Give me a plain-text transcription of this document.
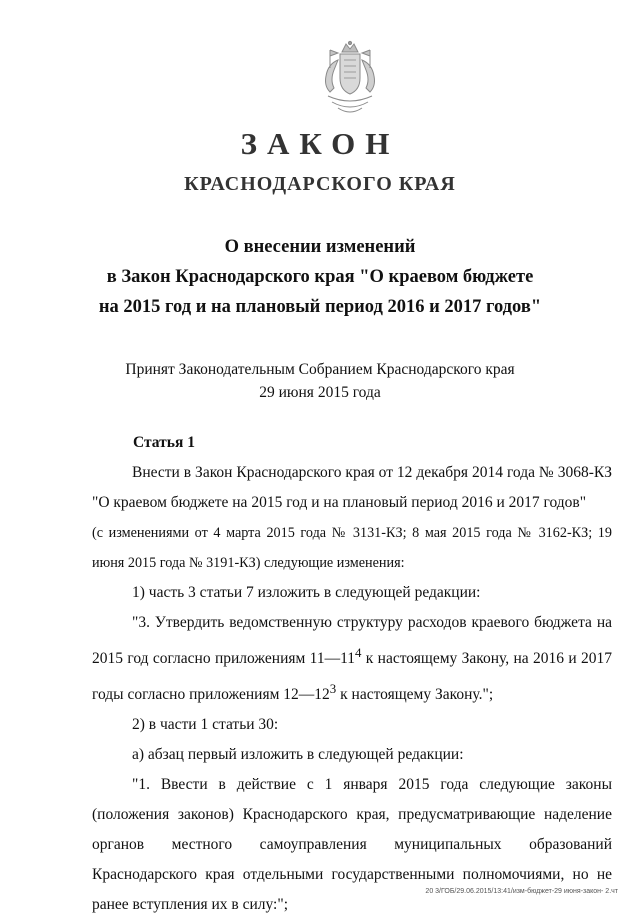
ЗАКОН
КРАСНОДАРСКОГО КРАЯ
О внесении изменений
в Закон Краснодарского края "О краевом бюджете
на 2015 год и на плановый период 2016 и 2017 годов"
Принят Законодательным Собранием Краснодарского края
29 июня 2015 года
Статья 1

Внести в Закон Краснодарского края от 12 декабря 2014 года № 3068-КЗ "О краевом бюджете на 2015 год и на плановый период 2016 и 2017 годов"

(с изменениями от 4 марта 2015 года № 3131-КЗ; 8 мая 2015 года № 3162-КЗ; 19 июня 2015 года № 3191-КЗ) следующие изменения:

1) часть 3 статьи 7 изложить в следующей редакции:

"3. Утвердить ведомственную структуру расходов краевого бюджета на 2015 год согласно приложениям $11—11^4$ к настоящему Закону, на 2016 и 2017 годы согласно приложениям $12—12^3$ к настоящему Закону.";

2) в части 1 статьи 30:

а) абзац первый изложить в следующей редакции:

"1. Ввести в действие с 1 января 2015 года следующие законы (положения законов) Краснодарского края, предусматривающие наделение органов местного самоуправления муниципальных образований Краснодарского края отдельными государственными полномочиями, но не ранее вступления их в силу:";

20 3/ГОБ/29.06.2015/13:41/изм-бюджет-29 июня-закон- 2.чт
